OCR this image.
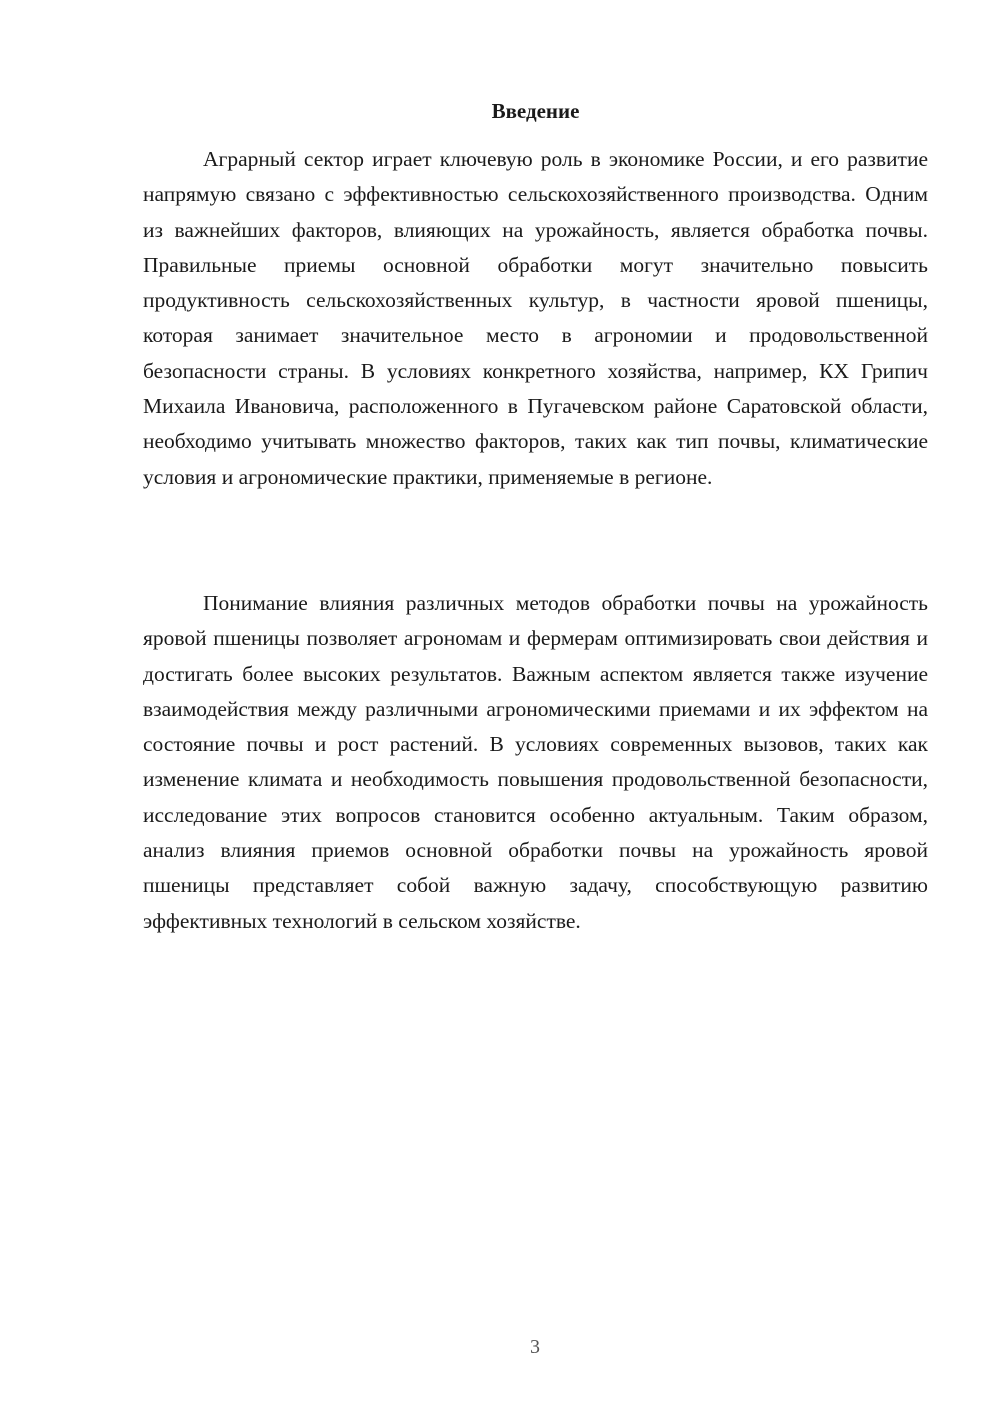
Введение

Аграрный сектор играет ключевую роль в экономике России, и его развитие напрямую связано с эффективностью сельскохозяйственного производства. Одним из важнейших факторов, влияющих на урожайность, является обработка почвы. Правильные приемы основной обработки могут значительно повысить продуктивность сельскохозяйственных культур, в частности яровой пшеницы, которая занимает значительное место в агрономии и продовольственной безопасности страны. В условиях конкретного хозяйства, например, КХ Грипич Михаила Ивановича, расположенного в Пугачевском районе Саратовской области, необходимо учитывать множество факторов, таких как тип почвы, климатические условия и агрономические практики, применяемые в регионе.

Понимание влияния различных методов обработки почвы на урожайность яровой пшеницы позволяет агрономам и фермерам оптимизировать свои действия и достигать более высоких результатов. Важным аспектом является также изучение взаимодействия между различными агрономическими приемами и их эффектом на состояние почвы и рост растений. В условиях современных вызовов, таких как изменение климата и необходимость повышения продовольственной безопасности, исследование этих вопросов становится особенно актуальным. Таким образом, анализ влияния приемов основной обработки почвы на урожайность яровой пшеницы представляет собой важную задачу, способствующую развитию эффективных технологий в сельском хозяйстве.

3
